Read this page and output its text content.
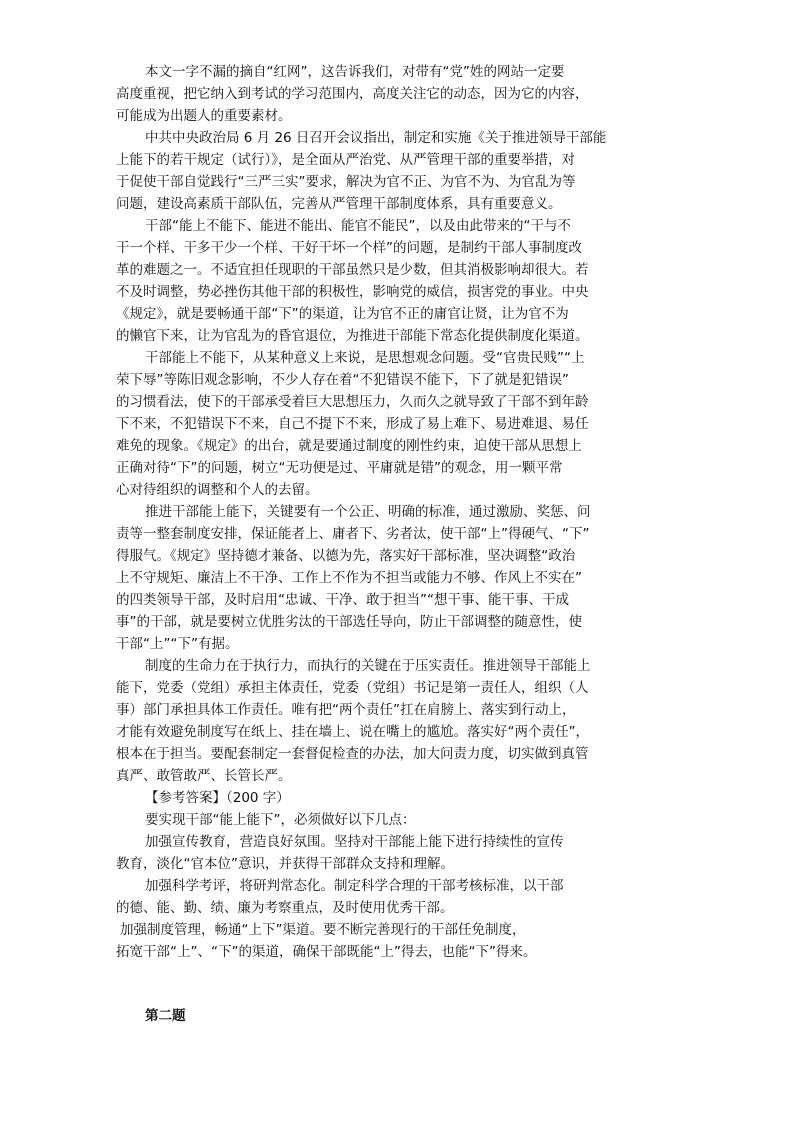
本文一字不漏的摘自“红网”，这告诉我们，对带有“党”姓的网站一定要
高度重视，把它纳入到考试的学习范围内，高度关注它的动态，因为它的内容，
可能成为出题人的重要素材。
中共中央政治局 6 月 26 日召开会议指出，制定和实施《关于推进领导干部能
上能下的若干规定（试行）》，是全面从严治党、从严管理干部的重要举措，对
于促使干部自觉践行“三严三实”要求，解决为官不正、为官不为、为官乱为等
问题，建设高素质干部队伍，完善从严管理干部制度体系，具有重要意义。
干部“能上不能下、能进不能出、能官不能民”，以及由此带来的“干与不
干一个样、干多干少一个样、干好干坏一个样”的问题，是制约干部人事制度改
革的难题之一。不适宜担任现职的干部虽然只是少数，但其消极影响却很大。若
不及时调整，势必挫伤其他干部的积极性，影响党的威信，损害党的事业。中央
《规定》，就是要畅通干部“下”的渠道，让为官不正的庸官让贤，让为官不为
的懒官下来，让为官乱为的昏官退位，为推进干部能下常态化提供制度化渠道。
干部能上不能下，从某种意义上来说，是思想观念问题。受“官贵民贱”“上
荣下辱”等陈旧观念影响，不少人存在着“不犯错误不能下，下了就是犯错误”
的习惯看法，使下的干部承受着巨大思想压力，久而久之就导致了干部不到年龄
下不来，不犯错误下不来，自己不提下不来，形成了易上难下、易进难退、易任
难免的现象。《规定》的出台，就是要通过制度的刚性约束，迫使干部从思想上
正确对待“下”的问题，树立“无功便是过、平庸就是错”的观念，用一颗平常
心对待组织的调整和个人的去留。
推进干部能上能下，关键要有一个公正、明确的标准，通过激励、奖惩、问
责等一整套制度安排，保证能者上、庸者下、劣者汰，使干部“上”得硬气、“下”
得服气。《规定》坚持德才兼备、以德为先，落实好干部标准，坚决调整“政治
上不守规矩、廉洁上不干净、工作上不作为不担当或能力不够、作风上不实在”
的四类领导干部，及时启用“忠诚、干净、敢于担当”“想干事、能干事、干成
事”的干部，就是要树立优胜劣汰的干部选任导向，防止干部调整的随意性，使
干部“上”“下”有据。
制度的生命力在于执行力，而执行的关键在于压实责任。推进领导干部能上
能下，党委（党组）承担主体责任，党委（党组）书记是第一责任人，组织（人
事）部门承担具体工作责任。唯有把“两个责任”扛在肩膀上、落实到行动上，
才能有效避免制度写在纸上、挂在墙上、说在嘴上的尴尬。落实好“两个责任”，
根本在于担当。要配套制定一套督促检查的办法，加大问责力度，切实做到真管
真严、敢管敢严、长管长严。
【参考答案】（200 字）
要实现干部“能上能下”，必须做好以下几点：
加强宣传教育，营造良好氛围。坚持对干部能上能下进行持续性的宣传
教育，淡化“官本位”意识，并获得干部群众支持和理解。
加强科学考评，将研判常态化。制定科学合理的干部考核标准，以干部
的德、能、勤、绩、廉为考察重点，及时使用优秀干部。
加强制度管理，畅通“上下”渠道。要不断完善现行的干部任免制度，
拓宽干部“上”、“下”的渠道，确保干部既能“上”得去，也能“下”得来。
第二题
